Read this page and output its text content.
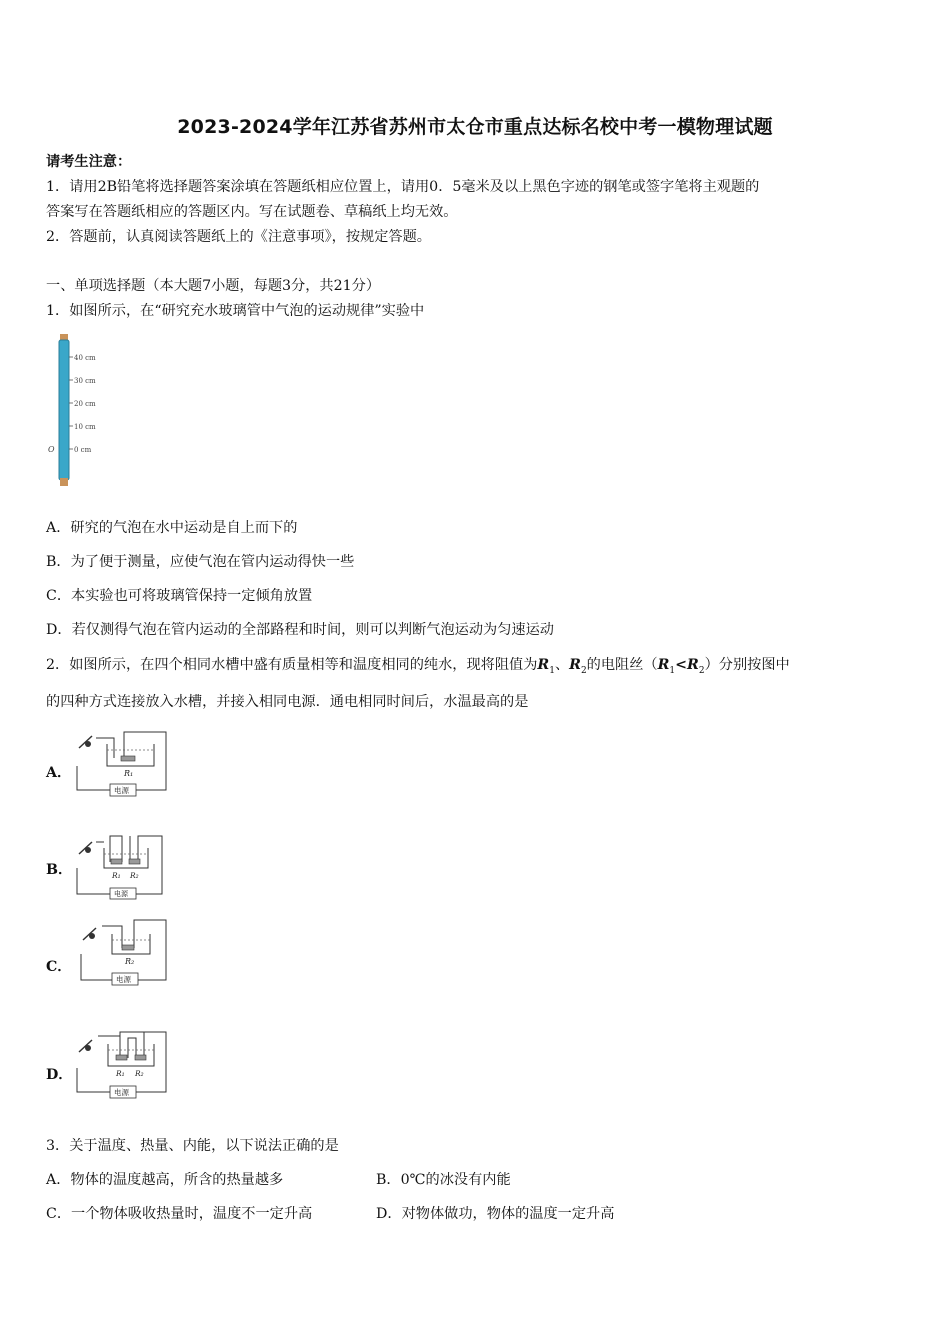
2023-2024学年江苏省苏州市太仓市重点达标名校中考一模物理试题
请考生注意：
1．请用2B铅笔将选择题答案涂填在答题纸相应位置上，请用0．5毫米及以上黑色字迹的钢笔或签字笔将主观题的
答案写在答题纸相应的答题区内。写在试题卷、草稿纸上均无效。
2．答题前，认真阅读答题纸上的《注意事项》，按规定答题。
一、单项选择题（本大题7小题，每题3分，共21分）
1．如图所示，在“研究充水玻璃管中气泡的运动规律”实验中
40 cm
30 cm
20 cm
10 cm
0 cm
O
A．研究的气泡在水中运动是自上而下的
B．为了便于测量，应使气泡在管内运动得快一些
C．本实验也可将玻璃管保持一定倾角放置
D．若仅测得气泡在管内运动的全部路程和时间，则可以判断气泡运动为匀速运动
2．如图所示，在四个相同水槽中盛有质量相等和温度相同的纯水，现将阻值为$R_1$、$R_2$的电阻丝$(R_1<R_2)$分别按图中
的四种方式连接放入水槽，并接入相同电源．通电相同时间后，水温最高的是
A．	R₁
电源
B．	R₁ R₂
电源
C．	R₂
电源
D．	R₁ R₂
电源
3．关于温度、热量、内能，以下说法正确的是
A．物体的温度越高，所含的热量越多	B．0℃的冰没有内能
C．一个物体吸收热量时，温度不一定升高	D．对物体做功，物体的温度一定升高
